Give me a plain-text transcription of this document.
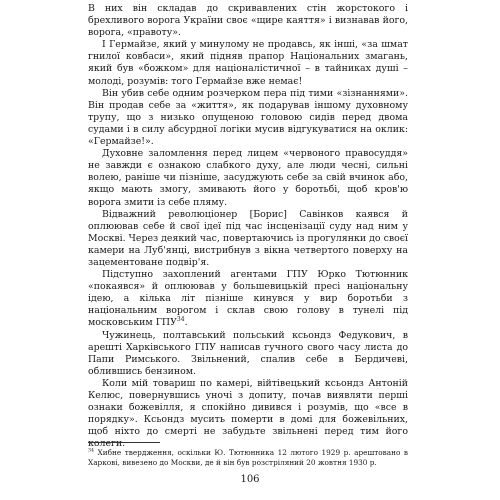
В них він складав до скривавлених стін жорстокого і брехливого ворога України своє «щире каяття» і визнавав його, ворога, «правоту».

І Гермайзе, який у минулому не продавсь, як інші, «за шмат гнилої ковбаси», який підняв прапор Національних змагань, який був «божком» для націоналістичної – в тайниках душі – молоді, розумів: того Гермайзе вже немає!

Він убив себе одним розчерком пера під тими «зізнаннями». Він продав себе за «життя», як подарував іншому духовному трупу, що з низько опущеною головою сидів перед двома судами і в силу абсурдної логіки мусив відгукуватися на оклик: «Гермайзе!».

Духовне заломлення перед лицем «червоного правосуддя» не завжди є ознакою слабкого духу, але люди чесні, сильні волею, раніше чи пізніше, засуджують себе за свій вчинок або, якщо мають змогу, змивають його у боротьбі, щоб кров'ю ворога змити із себе пляму.

Відважний революціонер [Борис] Савінков каявся й оплюював себе й свої ідеї під час інсценізації суду над ним у Москві. Через деякий час, повертаючись із прогулянки до своєї камери на Луб'янці, вистрибнув з вікна четвертого поверху на зацементоване подвір'я.

Підступно захоплений агентами ГПУ Юрко Тютюнник «покаявся» й оплюював у большевицькій пресі національну ідею, а кілька літ пізніше кинувся у вир боротьби з національним ворогом і склав свою голову в тунелі під московським ГПУ$^{34}$.

Чужинець, полтавський польський ксьондз Федукович, в арешті Харківського ГПУ написав гучного свого часу листа до Папи Римського. Звільнений, спалив себе в Бердичеві, облившись бензином.

Коли мій товариш по камері, війтівецький ксьондз Антоній Келюс, повернувшись уночі з допиту, почав виявляти перші ознаки божевілля, я спокійно дивився і розумів, що «все в порядку». Ксьондз мусить померти в домі для божевільних, щоб ніхто до смерті не забудьте звільнені перед тим його колеги.

$^{34}$ Хибне твердження, оскільки Ю. Тютюнника 12 лютого 1929 р. арештовано в Харкові, вивезено до Москви, де й він був розстріляний 20 жовтня 1930 р.

106
